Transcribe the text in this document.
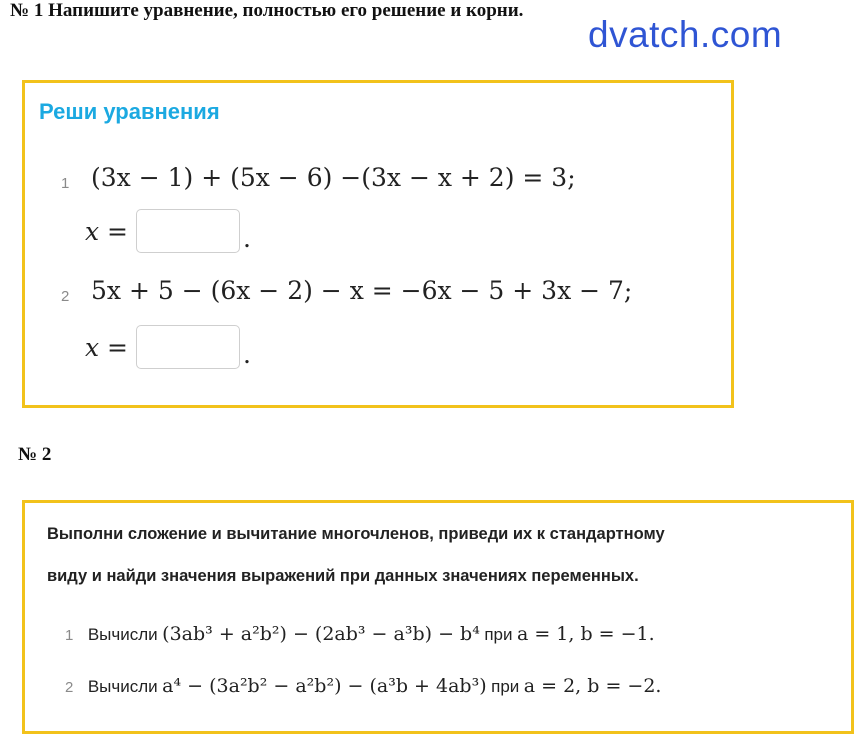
№ 1 Напишите уравнение, полностью его решение и корни.
dvatch.com
Реши уравнения
1 (3x − 1) + (5x − 6) −(3x − x + 2) = 3;
x =	.
2 5x + 5 − (6x − 2) − x = −6x − 5 + 3x − 7;
x =	.
№ 2
Выполни сложение и вычитание многочленов, приведи их к стандартному
виду и найди значения выражений при данных значениях переменных.
1 Вычисли (3ab³ + a²b²) − (2ab³ − a³b) − b⁴ при a = 1, b = −1.
2 Вычисли a⁴ − (3a²b² − a²b²) − (a³b + 4ab³) при a = 2, b = −2.
